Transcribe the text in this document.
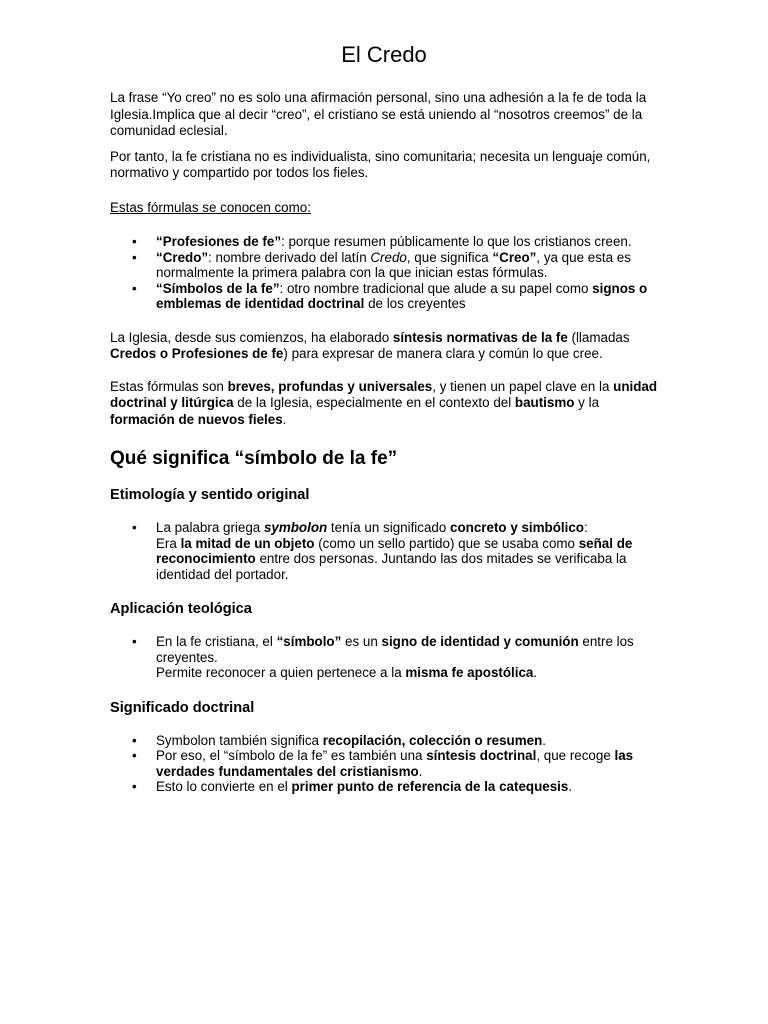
El Credo

La frase “Yo creo” no es solo una afirmación personal, sino una adhesión a la fe de toda la Iglesia.Implica que al decir “creo”, el cristiano se está uniendo al “nosotros creemos” de la comunidad eclesial.

Por tanto, la fe cristiana no es individualista, sino comunitaria; necesita un lenguaje común, normativo y compartido por todos los fieles.

Estas fórmulas se conocen como:

• “Profesiones de fe”: porque resumen públicamente lo que los cristianos creen.
• “Credo”: nombre derivado del latín Credo, que significa “Creo”, ya que esta es normalmente la primera palabra con la que inician estas fórmulas.
• “Símbolos de la fe”: otro nombre tradicional que alude a su papel como signos o emblemas de identidad doctrinal de los creyentes

La Iglesia, desde sus comienzos, ha elaborado síntesis normativas de la fe (llamadas Credos o Profesiones de fe) para expresar de manera clara y común lo que cree.

Estas fórmulas son breves, profundas y universales, y tienen un papel clave en la unidad doctrinal y litúrgica de la Iglesia, especialmente en el contexto del bautismo y la formación de nuevos fieles.

Qué significa “símbolo de la fe”
Etimología y sentido original
• La palabra griega symbolon tenía un significado concreto y simbólico:
Era la mitad de un objeto (como un sello partido) que se usaba como señal de reconocimiento entre dos personas. Juntando las dos mitades se verificaba la identidad del portador.
Aplicación teológica
• En la fe cristiana, el “símbolo” es un signo de identidad y comunión entre los creyentes.
Permite reconocer a quien pertenece a la misma fe apostólica.
Significado doctrinal
• Symbolon también significa recopilación, colección o resumen.
• Por eso, el “símbolo de la fe” es también una síntesis doctrinal, que recoge las verdades fundamentales del cristianismo.
• Esto lo convierte en el primer punto de referencia de la catequesis.
